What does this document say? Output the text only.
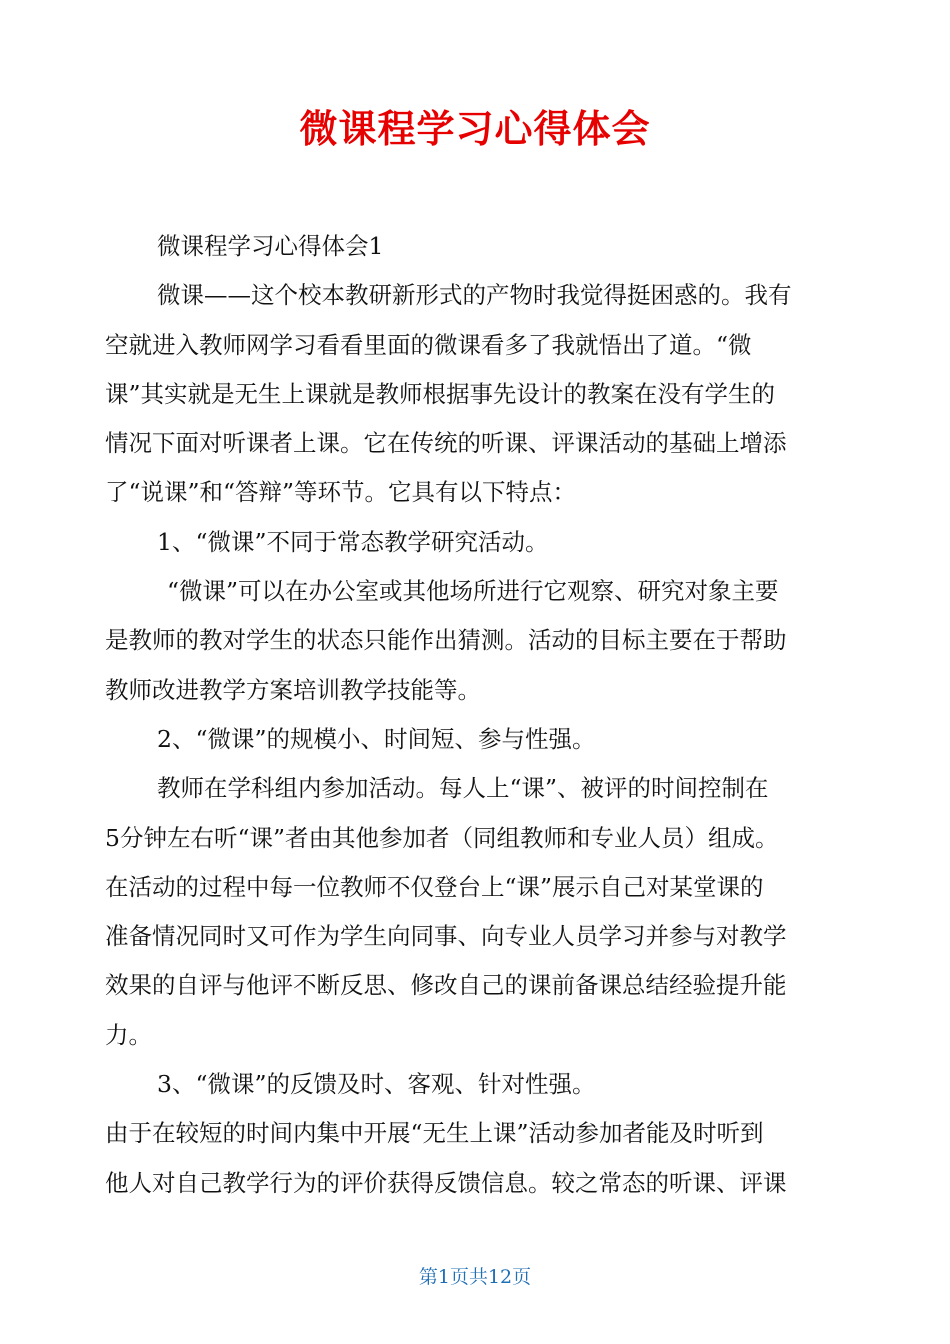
微课程学习心得体会
微课程学习心得体会1
微课——这个校本教研新形式的产物时我觉得挺困惑的。我有
空就进入教师网学习看看里面的微课看多了我就悟出了道。“微
课”其实就是无生上课就是教师根据事先设计的教案在没有学生的
情况下面对听课者上课。它在传统的听课、评课活动的基础上增添
了“说课”和“答辩”等环节。它具有以下特点：
1、“微课”不同于常态教学研究活动。
“微课”可以在办公室或其他场所进行它观察、研究对象主要
是教师的教对学生的状态只能作出猜测。活动的目标主要在于帮助
教师改进教学方案培训教学技能等。
2、“微课”的规模小、时间短、参与性强。
教师在学科组内参加活动。每人上“课”、被评的时间控制在
5分钟左右听“课”者由其他参加者（同组教师和专业人员）组成。
在活动的过程中每一位教师不仅登台上“课”展示自己对某堂课的
准备情况同时又可作为学生向同事、向专业人员学习并参与对教学
效果的自评与他评不断反思、修改自己的课前备课总结经验提升能
力。
3、“微课”的反馈及时、客观、针对性强。
由于在较短的时间内集中开展“无生上课”活动参加者能及时听到
他人对自己教学行为的评价获得反馈信息。较之常态的听课、评课
第1页共12页
